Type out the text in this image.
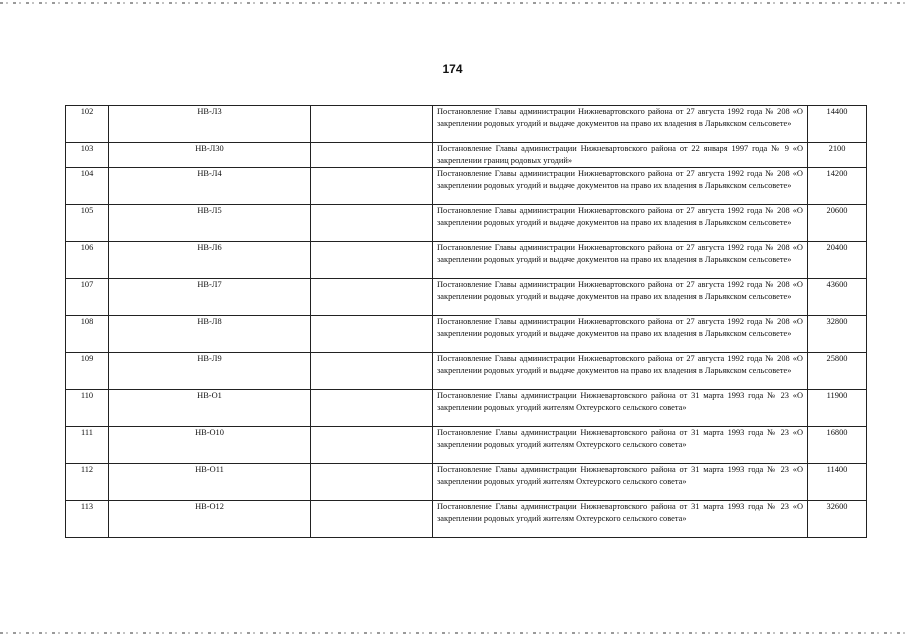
174
102	НВ-Л3		Постановление Главы администрации Нижневартовского района от 27 августа 1992 года № 208 «О закреплении родовых угодий и выдаче документов на право их владения в Ларьякском сельсовете»	14400
103	НВ-Л30		Постановление Главы администрации Нижневартовского района от 22 января 1997 года № 9 «О закреплении границ родовых угодий»	2100
104	НВ-Л4		Постановление Главы администрации Нижневартовского района от 27 августа 1992 года № 208 «О закреплении родовых угодий и выдаче документов на право их владения в Ларьякском сельсовете»	14200
105	НВ-Л5		Постановление Главы администрации Нижневартовского района от 27 августа 1992 года № 208 «О закреплении родовых угодий и выдаче документов на право их владения в Ларьякском сельсовете»	20600
106	НВ-Л6		Постановление Главы администрации Нижневартовского района от 27 августа 1992 года № 208 «О закреплении родовых угодий и выдаче документов на право их владения в Ларьякском сельсовете»	20400
107	НВ-Л7		Постановление Главы администрации Нижневартовского района от 27 августа 1992 года № 208 «О закреплении родовых угодий и выдаче документов на право их владения в Ларьякском сельсовете»	43600
108	НВ-Л8		Постановление Главы администрации Нижневартовского района от 27 августа 1992 года № 208 «О закреплении родовых угодий и выдаче документов на право их владения в Ларьякском сельсовете»	32800
109	НВ-Л9		Постановление Главы администрации Нижневартовского района от 27 августа 1992 года № 208 «О закреплении родовых угодий и выдаче документов на право их владения в Ларьякском сельсовете»	25800
110	НВ-О1		Постановление Главы администрации Нижневартовского района от 31 марта 1993 года № 23 «О закреплении родовых угодий жителям Охтеурского сельского совета»	11900
111	НВ-О10		Постановление Главы администрации Нижневартовского района от 31 марта 1993 года № 23 «О закреплении родовых угодий жителям Охтеурского сельского совета»	16800
112	НВ-О11		Постановление Главы администрации Нижневартовского района от 31 марта 1993 года № 23 «О закреплении родовых угодий жителям Охтеурского сельского совета»	11400
113	НВ-О12		Постановление Главы администрации Нижневартовского района от 31 марта 1993 года № 23 «О закреплении родовых угодий жителям Охтеурского сельского совета»	32600
